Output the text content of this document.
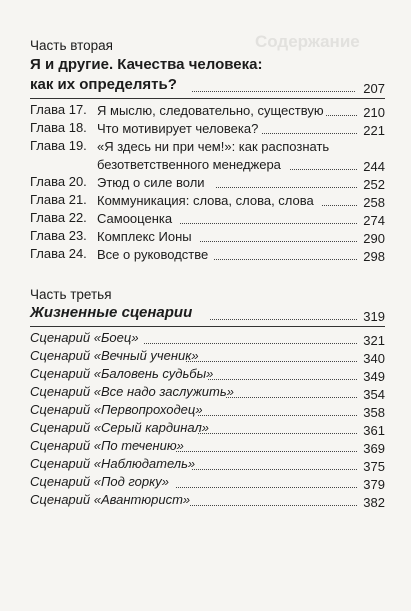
Содержание
Часть вторая
Я и другие. Качества человека:
как их определять?	207
Глава 17. Я мыслю, следовательно, существую	210
Глава 18. Что мотивирует человека?	221
Глава 19. «Я здесь ни при чем!»: как распознать
безответственного менеджера	244
Глава 20. Этюд о силе воли	252
Глава 21. Коммуникация: слова, слова, слова	258
Глава 22. Самооценка	274
Глава 23. Комплекс Ионы	290
Глава 24. Все о руководстве	298
Часть третья
Жизненные сценарии	319
Сценарий «Боец»	321
Сценарий «Вечный ученик»	340
Сценарий «Баловень судьбы»	349
Сценарий «Все надо заслужить»	354
Сценарий «Первопроходец»	358
Сценарий «Серый кардинал»	361
Сценарий «По течению»	369
Сценарий «Наблюдатель»	375
Сценарий «Под горку»	379
Сценарий «Авантюрист»	382
